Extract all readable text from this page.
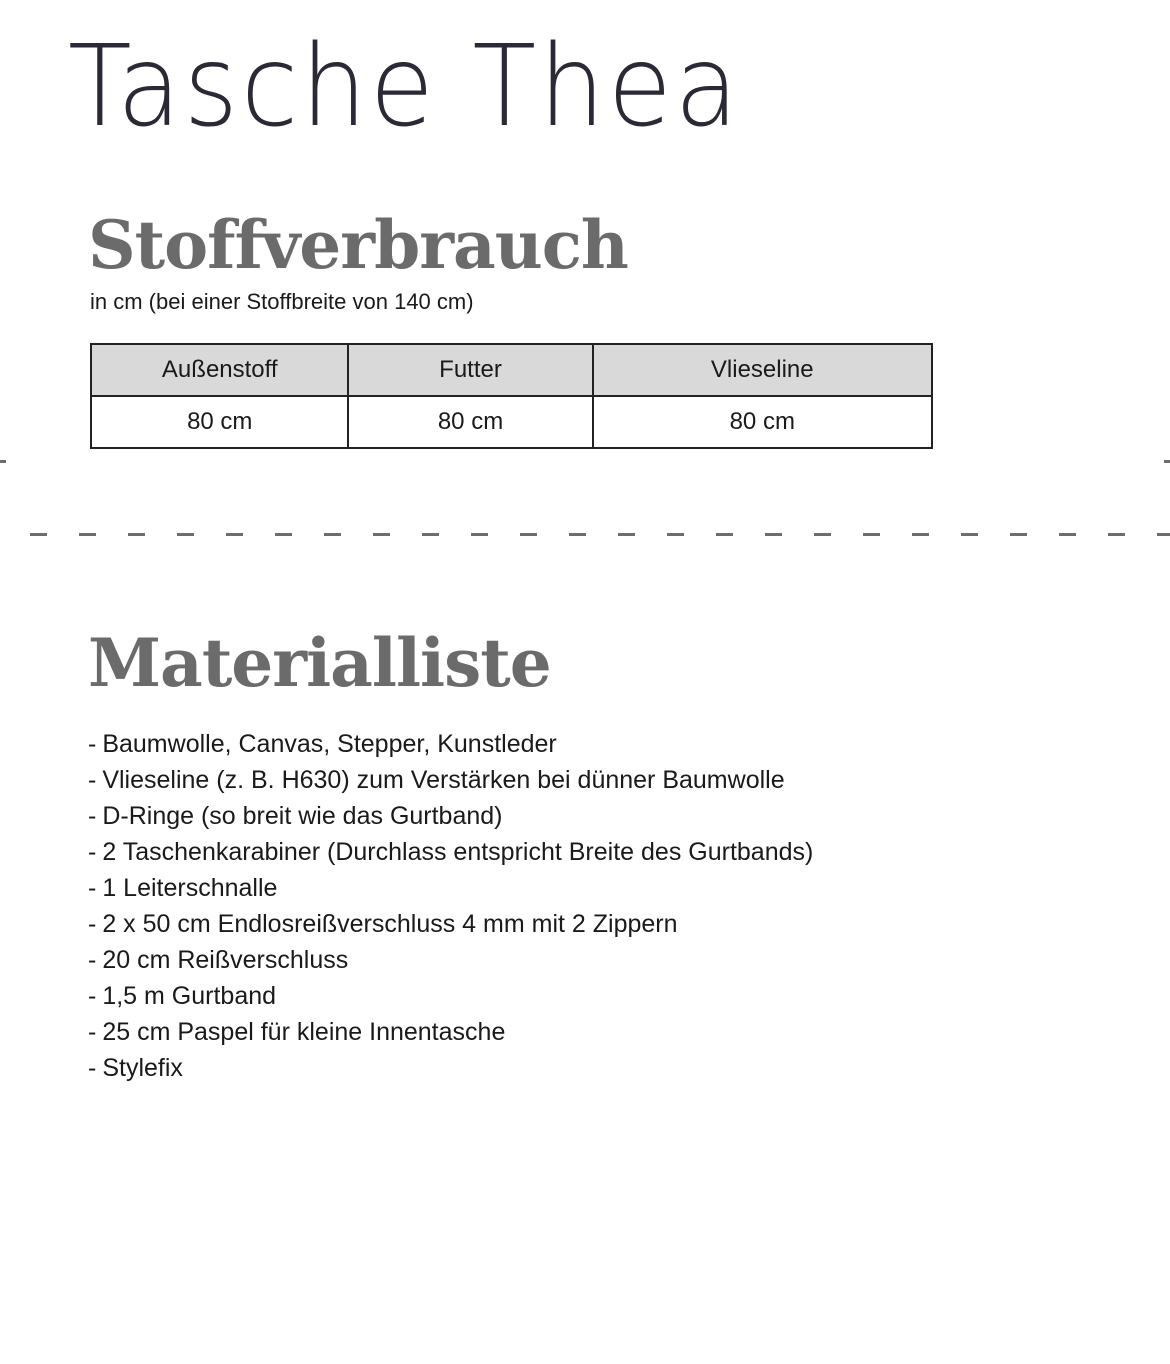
Tasche Thea
Stoffverbrauch

in cm (bei einer Stoffbreite von 140 cm)

Außenstoff	Futter	Vlieseline
80 cm	80 cm	80 cm
Materialliste
- Baumwolle, Canvas, Stepper, Kunstleder
- Vlieseline (z. B. H630) zum Verstärken bei dünner Baumwolle
- D-Ringe (so breit wie das Gurtband)
- 2 Taschenkarabiner (Durchlass entspricht Breite des Gurtbands)
- 1 Leiterschnalle
- 2 x 50 cm Endlosreißverschluss 4 mm mit 2 Zippern
- 20 cm Reißverschluss
- 1,5 m Gurtband
- 25 cm Paspel für kleine Innentasche
- Stylefix
